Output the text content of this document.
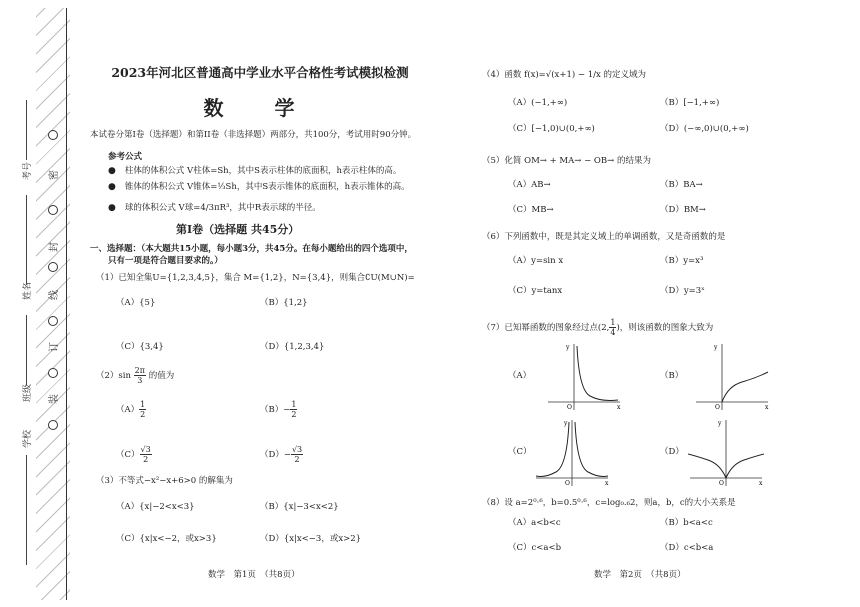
密
封
线
订
装
考号
姓名
班级
学校
2023年河北区普通高中学业水平合格性考试模拟检测
数 学
本试卷分第I卷（选择题）和第II卷（非选择题）两部分，共100分，考试用时90分钟。
参考公式
●　柱体的体积公式 V柱体=Sh，其中S表示柱体的底面积，h表示柱体的高。
●　锥体的体积公式 V锥体=⅓Sh，其中S表示锥体的底面积，h表示锥体的高。
●　球的体积公式 V球=4/3πR³，其中R表示球的半径。
第I卷（选择题 共45分）
一、选择题：（本大题共15小题，每小题3分，共45分。在每小题给出的四个选项中，
只有一项是符合题目要求的。）
（1）已知全集U={1,2,3,4,5}，集合 M={1,2}，N={3,4}，则集合∁U(M∪N)=
（A）{5}	（B）{1,2}
（C）{3,4}	（D）{1,2,3,4}
$(2)\sin \frac{2\pi}{3}$ 的值为
$(A) \frac{1}{2}$	$(B)- \frac{1}{2}$
$(C) \frac{√3}{2}$	$(D)- \frac{√3}{2}$
（3）不等式−x²−x+6>0 的解集为
（A）{x|−2<x<3}	（B）{x|−3<x<2}
（C）{x|x<−2，或x>3}	（D）{x|x<−3，或x>2}
数学　第1页　（共8页）
（4）函数 f(x)=√(x+1) − 1/x 的定义域为
（A）(−1,+∞)	（B）[−1,+∞)
（C）[−1,0)∪(0,+∞)	（D）(−∞,0)∪(0,+∞)
（5）化简 OM→ + MA→ − OB→ 的结果为
（A）AB→	（B）BA→
（C）MB→	（D）BM→
（6）下列函数中，既是其定义域上的单调函数，又是奇函数的是
（A）y=sin x	（B）y=x³
（C）y=tanx	（D）y=3ˣ
（7）已知幂函数的图象经过点(2, $\frac{1}{4}$ )，则该函数的图象大致为
（A）	（B）
（C）	（D）
y
x
O
y
x
O
y
x
O
y
x
O
（8）设 a=2⁰·⁶，b=0.5⁰·⁶，c=log₀.₆2，则a，b，c的大小关系是
（A）a<b<c	（B）b<a<c
（C）c<a<b	（D）c<b<a
数学　第2页　（共8页）
